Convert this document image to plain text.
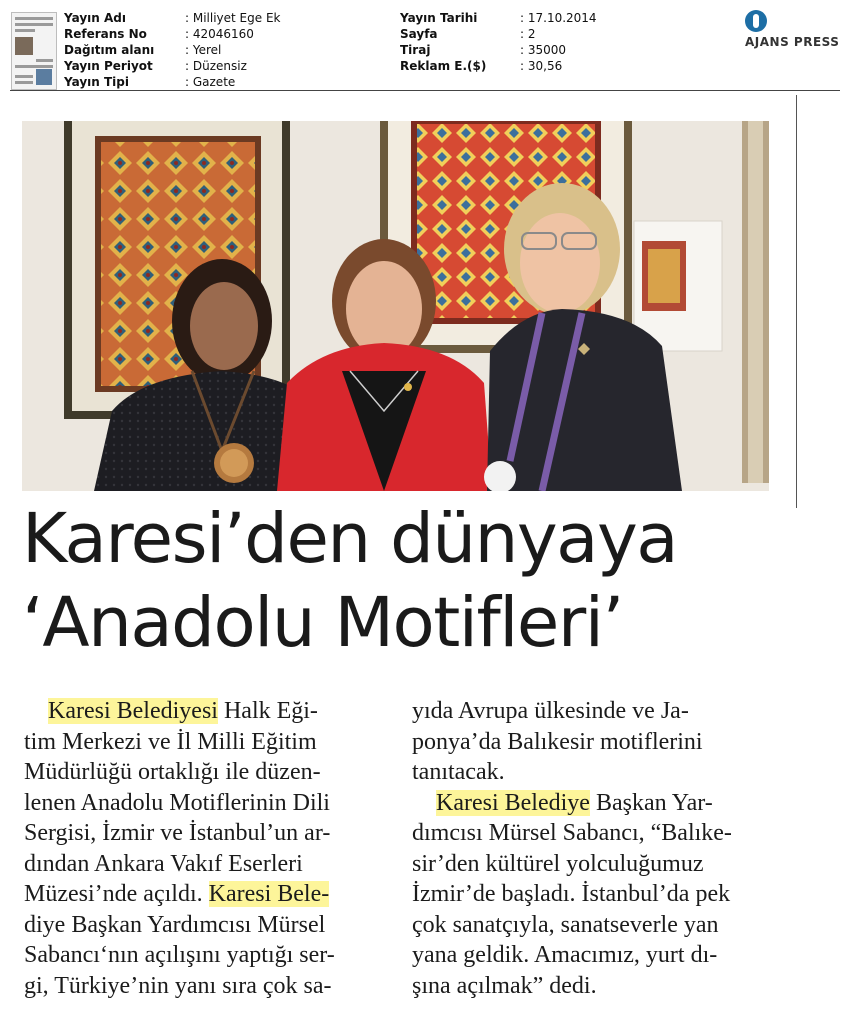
Yayın Adı	: Milliyet Ege Ek
Referans No	: 42046160
Dağıtım alanı	: Yerel
Yayın Periyot	: Düzensiz
Yayın Tipi	: Gazete
Yayın Tarihi	: 17.10.2014
Sayfa	: 2
Tiraj	: 35000
Reklam E.($)	: 30,56
AJANS PRESS
Karesi’den dünyaya
‘Anadolu Motifleri’
Karesi Belediyesi Halk Eği-
tim Merkezi ve İl Milli Eğitim
Müdürlüğü ortaklığı ile düzen-
lenen Anadolu Motiflerinin Dili
Sergisi, İzmir ve İstanbul’un ar-
dından Ankara Vakıf Eserleri
Müzesi’nde açıldı. Karesi Bele-
diye Başkan Yardımcısı Mürsel
Sabancı‘nın açılışını yaptığı ser-
gi, Türkiye’nin yanı sıra çok sa-
yıda Avrupa ülkesinde ve Ja-
ponya’da Balıkesir motiflerini
tanıtacak.
Karesi Belediye Başkan Yar-
dımcısı Mürsel Sabancı, “Balıke-
sir’den kültürel yolculuğumuz
İzmir’de başladı. İstanbul’da pek
çok sanatçıyla, sanatseverle yan
yana geldik. Amacımız, yurt dı-
şına açılmak” dedi.
